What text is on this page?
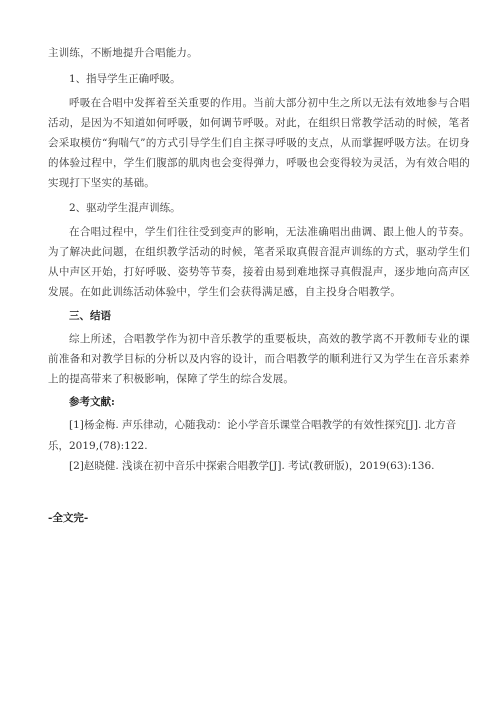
主训练，不断地提升合唱能力。

1、指导学生正确呼吸。

呼吸在合唱中发挥着至关重要的作用。当前大部分初中生之所以无法有效地参与合唱活动，是因为不知道如何呼吸，如何调节呼吸。对此，在组织日常教学活动的时候，笔者会采取模仿“狗喘气”的方式引导学生们自主探寻呼吸的支点，从而掌握呼吸方法。在切身的体验过程中，学生们腹部的肌肉也会变得弹力，呼吸也会变得较为灵活，为有效合唱的实现打下坚实的基础。

2、驱动学生混声训练。

在合唱过程中，学生们往往受到变声的影响，无法准确唱出曲调、跟上他人的节奏。为了解决此问题，在组织教学活动的时候，笔者采取真假音混声训练的方式，驱动学生们从中声区开始，打好呼吸、姿势等节奏，接着由易到难地探寻真假混声，逐步地向高声区发展。在如此训练活动体验中，学生们会获得满足感，自主投身合唱教学。

三、结语

综上所述，合唱教学作为初中音乐教学的重要板块，高效的教学离不开教师专业的课前准备和对教学目标的分析以及内容的设计，而合唱教学的顺利进行又为学生在音乐素养上的提高带来了积极影响，保障了学生的综合发展。

参考文献:

[1]杨金梅. 声乐律动，心随我动：论小学音乐课堂合唱教学的有效性探究[J]. 北方音乐，2019,(78):122.

[2]赵晓健. 浅谈在初中音乐中探索合唱教学[J]. 考试(教研版)，2019(63):136.

-全文完-
